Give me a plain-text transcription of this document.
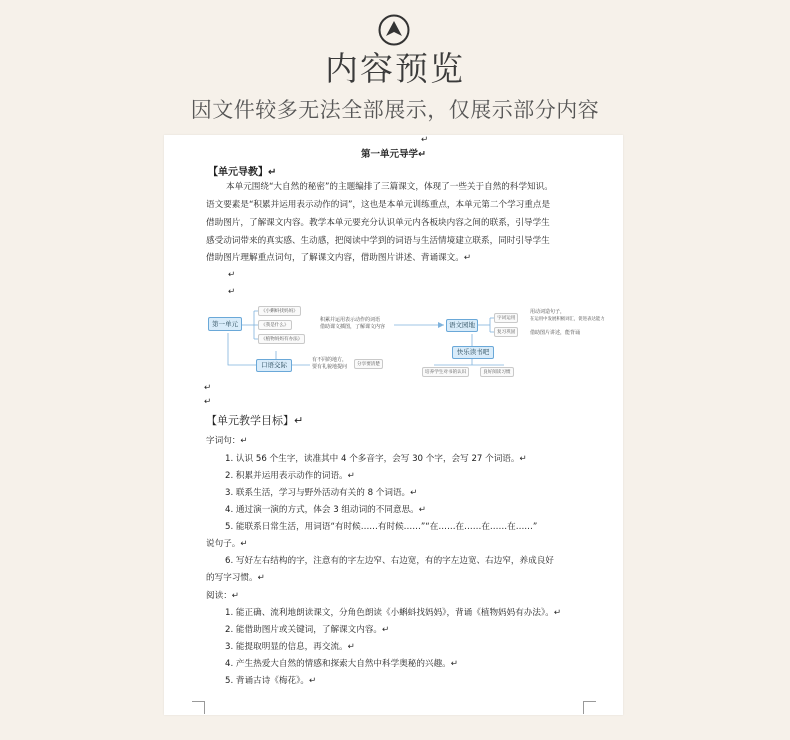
内容预览
因文件较多无法全部展示，仅展示部分内容
↵
第一单元导学↵
【单元导教】↵
本单元围绕“大自然的秘密”的主题编排了三篇课文，体现了一些关于自然的科学知识。
语文要素是“积累并运用表示动作的词”，这也是本单元训练重点，本单元第二个学习重点是
借助图片，了解课文内容。教学本单元要充分认识单元内各板块内容之间的联系，引导学生
感受动词带来的真实感、生动感，把阅读中学到的词语与生活情境建立联系，同时引导学生
借助图片理解重点词句，了解课文内容，借助图片讲述、背诵课文。↵
↵
↵
第一单元
《小蝌蚪找妈妈》
《我是什么》
《植物妈妈有办法》
积累并运用表示动作的词语
借助课文插图，了解课文内容
口语交际
有不同的地方，
要有礼貌地提问	分享要清楚
语文园地
字词运用
复习巩固
用动词造句子，
在运用中发展积极词汇，促进表达能力
借助图片讲述，能背诵
快乐读书吧
培养学生对书的认识	良好阅读习惯
↵
↵
【单元教学目标】↵
字词句：↵
1. 认识 56 个生字，读准其中 4 个多音字，会写 30 个字，会写 27 个词语。↵
2. 积累并运用表示动作的词语。↵
3. 联系生活，学习与野外活动有关的 8 个词语。↵
4. 通过演一演的方式，体会 3 组动词的不同意思。↵
5. 能联系日常生活，用词语“有时候……有时候……”“在……在……在……在……”
说句子。↵
6. 写好左右结构的字，注意有的字左边窄、右边宽，有的字左边宽、右边窄，养成良好
的写字习惯。↵
阅读：↵
1. 能正确、流利地朗读课文，分角色朗读《小蝌蚪找妈妈》，背诵《植物妈妈有办法》。↵
2. 能借助图片或关键词，了解课文内容。↵
3. 能提取明显的信息，再交流。↵
4. 产生热爱大自然的情感和探索大自然中科学奥秘的兴趣。↵
5. 背诵古诗《梅花》。↵
